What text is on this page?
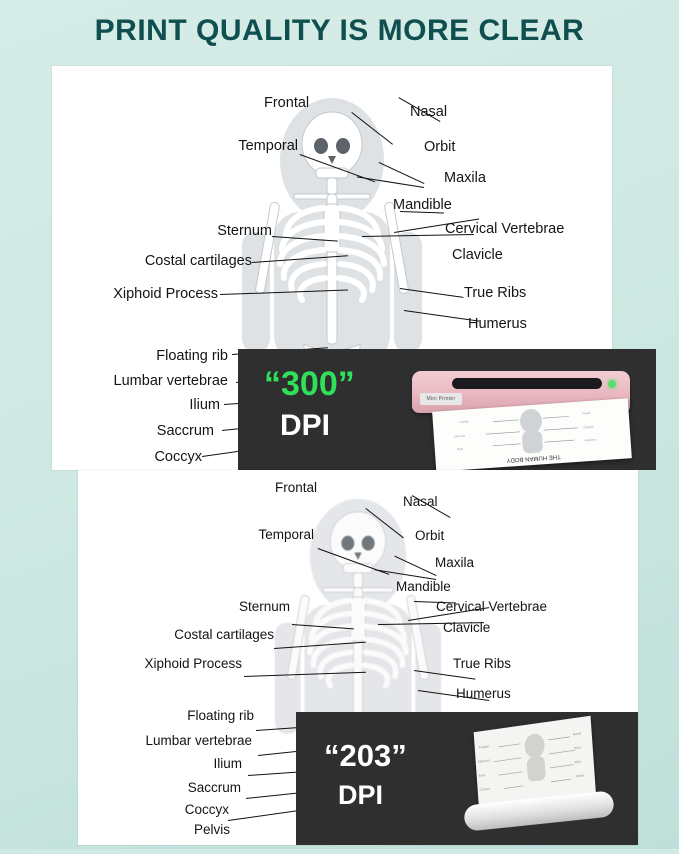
PRINT QUALITY IS MORE CLEAR
Frontal
Nasal
Temporal	Orbit
Maxila
Mandible
Cervical Vertebrae
Clavicle
Sternum
Costal cartilages
Xiphoid Process	True Ribs
Humerus
Floating rib
Lumbar vertebrae
Ilium
Saccrum
Coccyx
“300”
DPI
Mini Printer
Frontal
Nasal
Sternum
Clavicle
Ilium
Humerus
THE HUMAN BODY
Frontal
Nasal
Temporal	Orbit
Maxila
Mandible
Cervical Vertebrae
Clavicle
Sternum
Costal cartilages
Xiphoid Process	True Ribs
Humerus
Floating rib
Lumbar vertebrae
Ilium
Saccrum
Coccyx
Pelvis
“203”
DPI
Frontal
Nasal
Sternum
Orbit
Ilium
Ribs
Coccyx
Pelvis
